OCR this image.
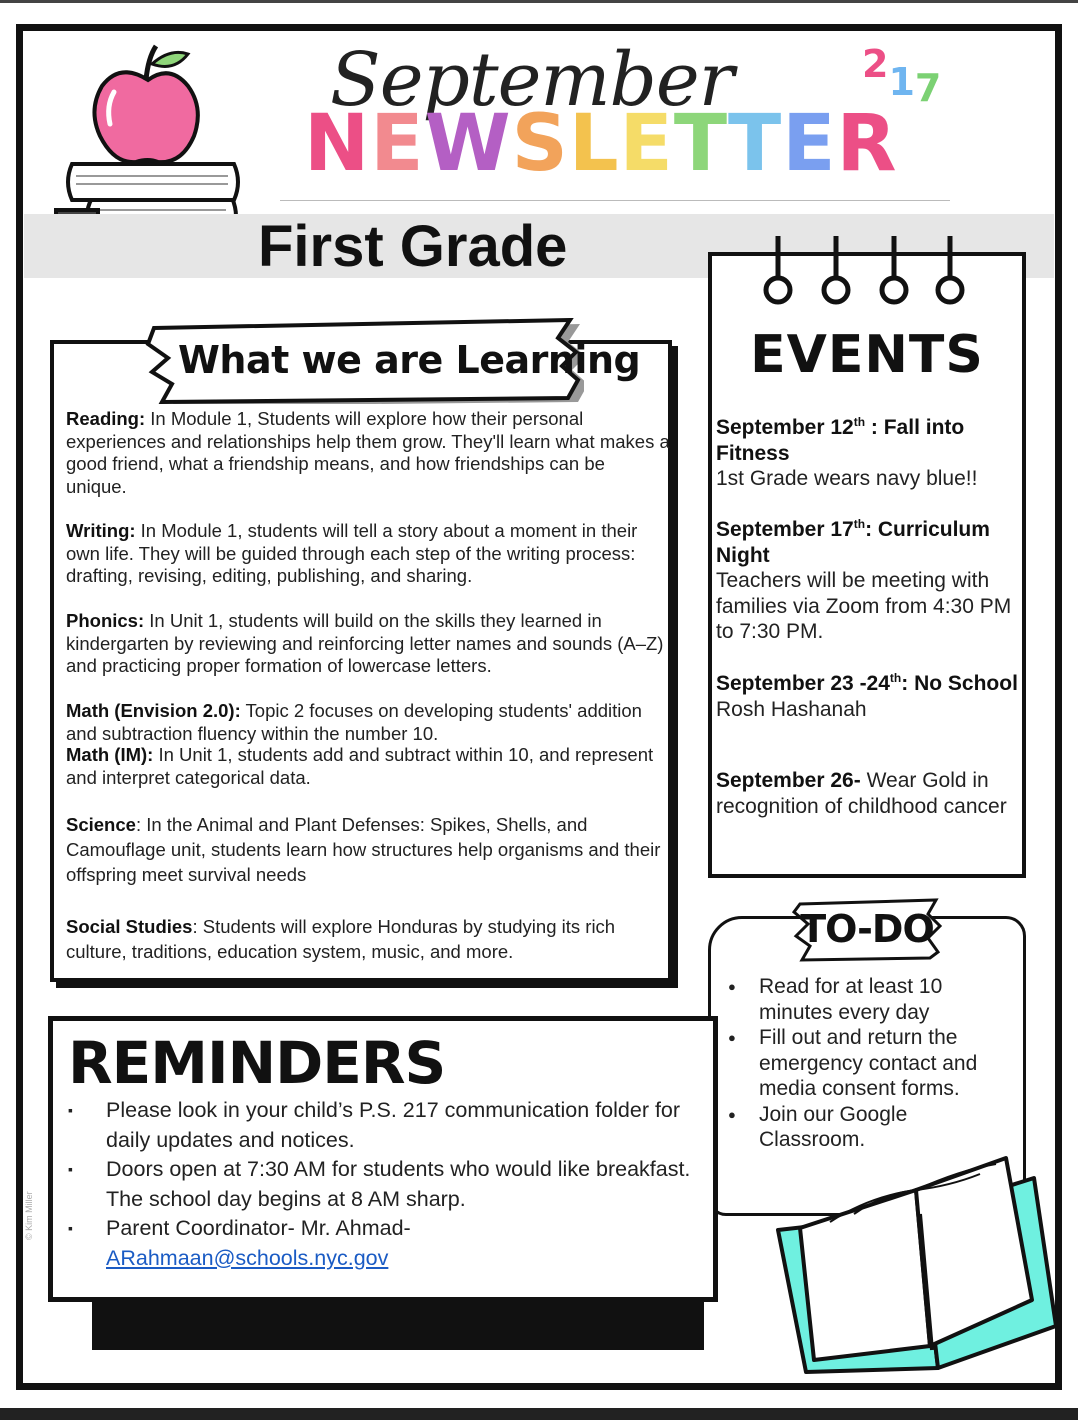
September
NEWSLETTER
217
First Grade
What we are Learning
Reading: In Module 1, Students will explore how their personal experiences and relationships help them grow. They'll learn what makes a good friend, what a friendship means, and how friendships can be unique.
Writing: In Module 1, students will tell a story about a moment in their own life. They will be guided through each step of the writing process: drafting, revising, editing, publishing, and sharing.
Phonics: In Unit 1, students will build on the skills they learned in kindergarten by reviewing and reinforcing letter names and sounds (A–Z) and practicing proper formation of lowercase letters.
Math (Envision 2.0): Topic 2 focuses on developing students' addition and subtraction fluency within the number 10.
Math (IM): In Unit 1, students add and subtract within 10, and represent and interpret categorical data.
Science: In the Animal and Plant Defenses: Spikes, Shells, and Camouflage unit, students learn how structures help organisms and their offspring meet survival needs
Social Studies: Students will explore Honduras by studying its rich culture, traditions, education system, music, and more.
EVENTS
September 12th : Fall into Fitness
1st Grade wears navy blue!!
September 17th: Curriculum Night
Teachers will be meeting with families via Zoom from 4:30 PM to 7:30 PM.
September 23 -24th: No School
Rosh Hashanah
September 26- Wear Gold in recognition of childhood cancer
TO-DO
● Read for at least 10 minutes every day
● Fill out and return the emergency contact and media consent forms.
● Join our Google Classroom.
REMINDERS
▪ Please look in your child’s P.S. 217 communication folder for daily updates and notices.
▪ Doors open at 7:30 AM for students who would like breakfast. The school day begins at 8 AM sharp.
▪ Parent Coordinator- Mr. Ahmad-
ARahmaan@schools.nyc.gov
© Kim Miller
